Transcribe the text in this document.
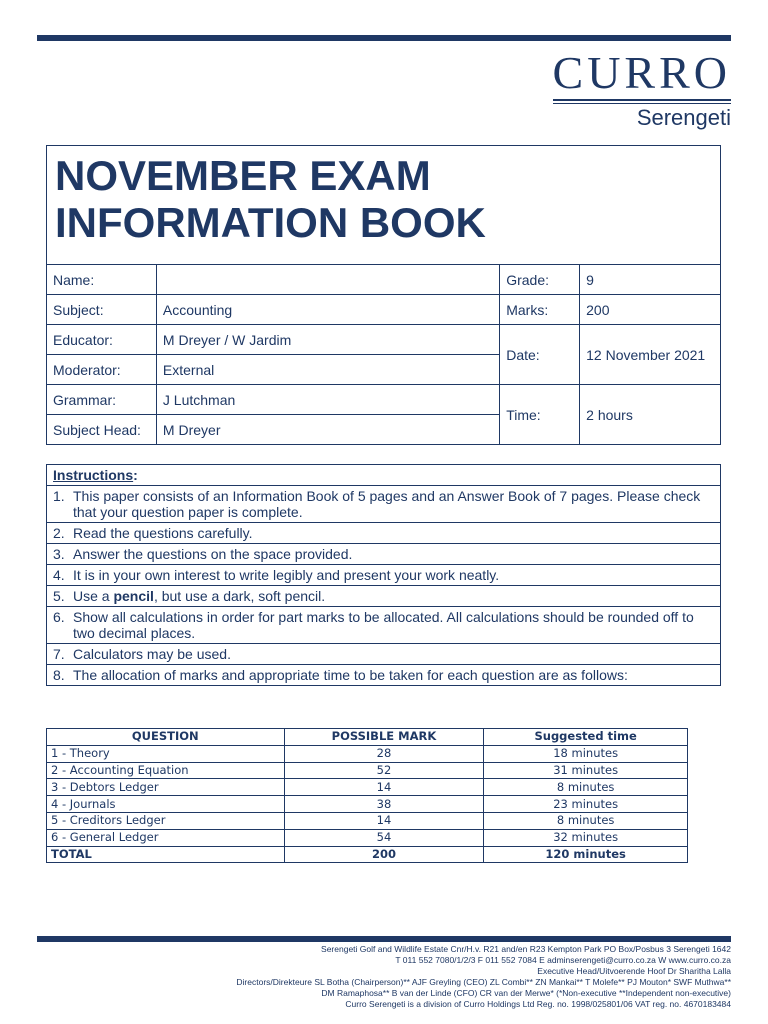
CURRO
Serengeti
NOVEMBER EXAM
INFORMATION BOOK			

Name:		Grade:	9
Subject:	Accounting	Marks:	200
Educator:	M Dreyer / W Jardim	Date:	12 November 2021
Moderator:	External		
Grammar:	J Lutchman	Time:	2 hours
Subject Head:	M Dreyer		
Instructions:

1. This paper consists of an Information Book of 5 pages and an Answer Book of 7 pages. Please check that your question paper is complete.

2. Read the questions carefully.

3. Answer the questions on the space provided.

4. It is in your own interest to write legibly and present your work neatly.

5. Use a pencil, but use a dark, soft pencil.

6. Show all calculations in order for part marks to be allocated. All calculations should be rounded off to two decimal places.

7. Calculators may be used.

8. The allocation of marks and appropriate time to be taken for each question are as follows:
QUESTION	POSSIBLE MARK	Suggested time
1 - Theory	28	18 minutes
2 - Accounting Equation	52	31 minutes
3 - Debtors Ledger	14	8 minutes
4 - Journals	38	23 minutes
5 - Creditors Ledger	14	8 minutes
6 - General Ledger	54	32 minutes
TOTAL	200	120 minutes
Serengeti Golf and Wildlife Estate Cnr/H.v. R21 and/en R23 Kempton Park PO Box/Posbus 3 Serengeti 1642
T 011 552 7080/1/2/3 F 011 552 7084 E adminserengeti@curro.co.za W www.curro.co.za
Executive Head/Uitvoerende Hoof Dr Sharitha Lalla
Directors/Direkteure SL Botha (Chairperson)** AJF Greyling (CEO) ZL Combi** ZN Mankai** T Molefe** PJ Mouton* SWF Muthwa**
DM Ramaphosa** B van der Linde (CFO) CR van der Merwe* (*Non-executive **Independent non-executive)
Curro Serengeti is a division of Curro Holdings Ltd Reg. no. 1998/025801/06 VAT reg. no. 4670183484
